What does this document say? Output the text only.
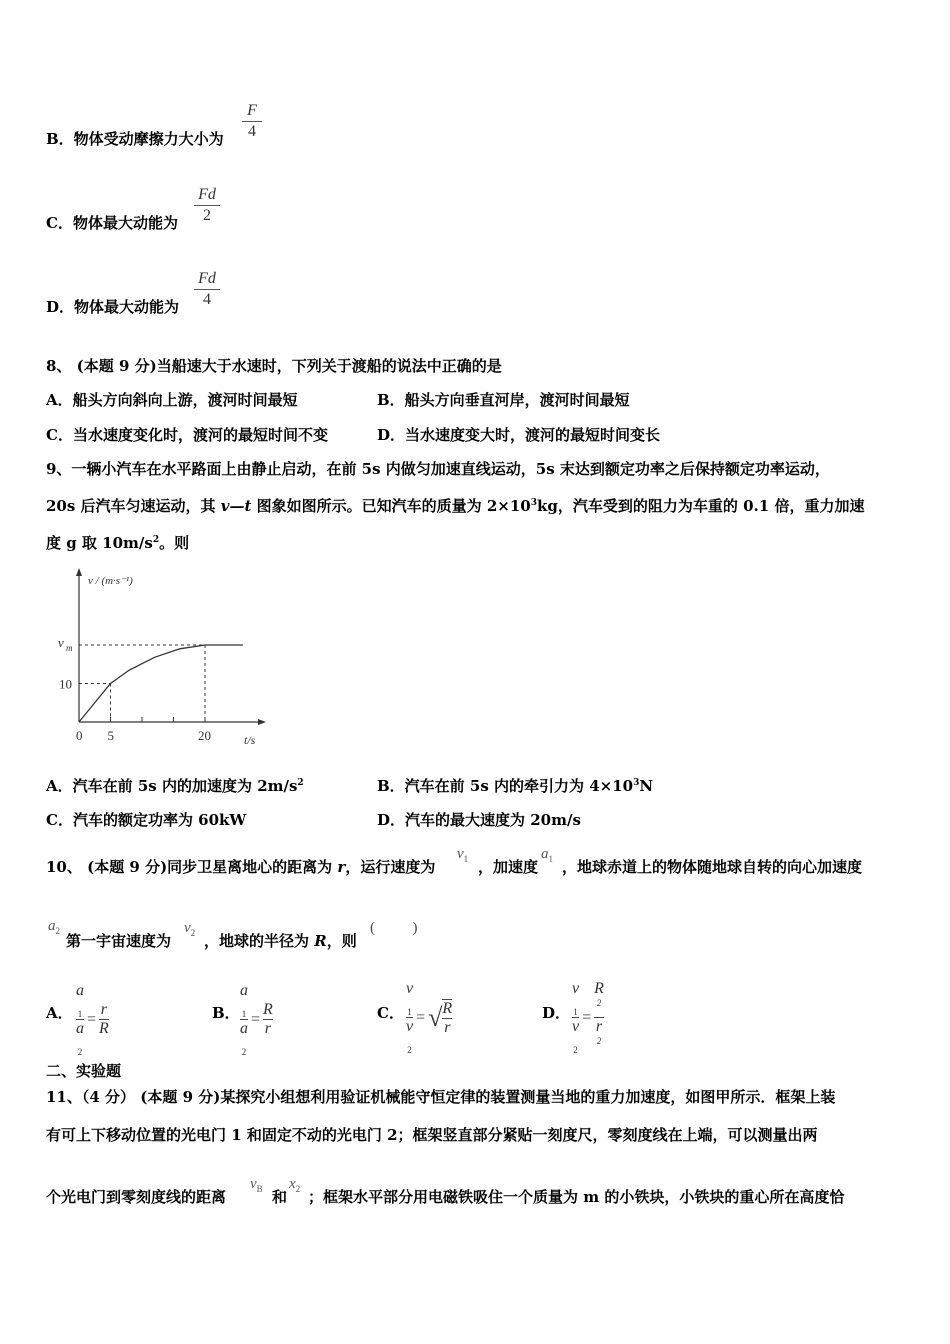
B．物体受动摩擦力大小为
F
4
C．物体最大动能为
Fd
2
D．物体最大动能为
Fd
4
8、 (本题 9 分)当船速大于水速时，下列关于渡船的说法中正确的是
A．船头方向斜向上游，渡河时间最短	B．船头方向垂直河岸，渡河时间最短
C．当水速度变化时，渡河的最短时间不变	D．当水速度变大时，渡河的最短时间变长
9、一辆小汽车在水平路面上由静止启动，在前 5s 内做匀加速直线运动，5s 末达到额定功率之后保持额定功率运动，
20s 后汽车匀速运动，其 v—t 图象如图所示。已知汽车的质量为 $2\times 10^3kg$，汽车受到的阻力为车重的 0.1 倍，重力加速
度 g 取 $10m/s^2$。则
0 5	20
10
v m
v / (m·s⁻¹)
t/s
A．汽车在前 5s 内的加速度为 $2m/s^2$	B．汽车在前 5s 内的牵引力为 $4\times 10^3N$
C．汽车的额定功率为 60kW	D．汽车的最大速度为 20m/s
10、 (本题 9 分)同步卫星离地心的距离为 r，运行速度为
$v_1$ ，加速度
$a_1$ ，地球赤道上的物体随地球自转的向心加速度
$a_2$
第一宇宙速度为
$v_2$ ，地球的半径为 R，则
(          )
A． a
$_1$
a
$_2 = \frac{r}{R}$	B． a
$_1$
a
$_2 = \frac{R}{r}$	C． v
$_1$
v
$_2$ = √ $\frac{R}{r}$	D． v
$_1$
v
$_2$ = R
$^2$
r
$^2$
二、实验题
11、（4 分） (本题 9 分)某探究小组想利用验证机械能守恒定律的装置测量当地的重力加速度，如图甲所示．框架上装
有可上下移动位置的光电门 1 和固定不动的光电门 2；框架竖直部分紧贴一刻度尺，零刻度线在上端，可以测量出两
个光电门到零刻度线的距离
$v_B$ 和
$x_2$ ；框架水平部分用电磁铁吸住一个质量为 m 的小铁块，小铁块的重心所在高度恰
